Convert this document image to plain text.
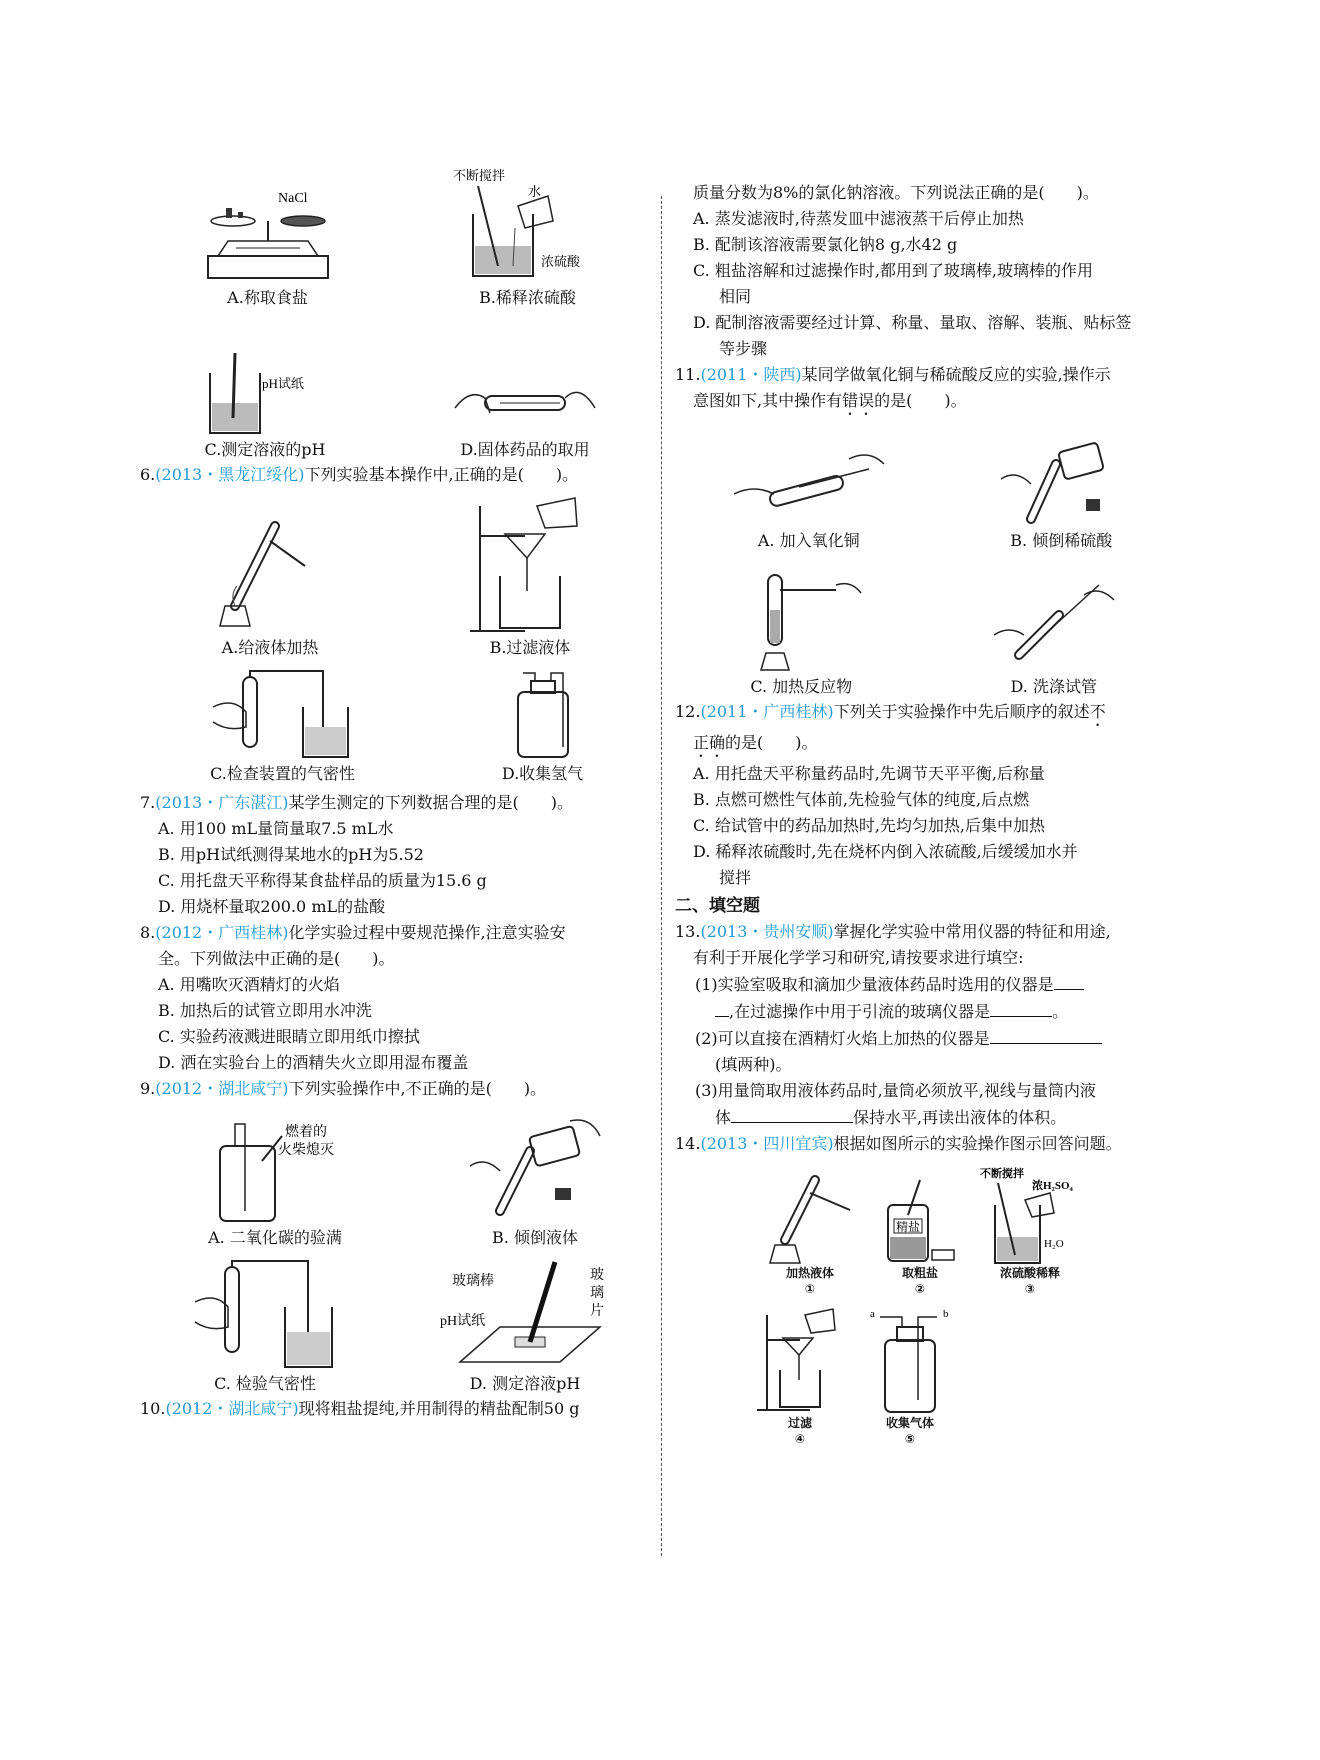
NaCl
A.称取食盐
不断搅拌
水
浓硫酸
B.稀释浓硫酸
pH试纸
C.测定溶液的pH	D.固体药品的取用
6.(2013・黑龙江绥化)下列实验基本操作中,正确的是(　　)。
A.给液体加热	B.过滤液体
C.检查装置的气密性	D.收集氢气
7.(2013・广东湛江)某学生测定的下列数据合理的是(　　)。
A. 用100 mL量筒量取7.5 mL水
B. 用pH试纸测得某地水的pH为5.52
C. 用托盘天平称得某食盐样品的质量为15.6 g
D. 用烧杯量取200.0 mL的盐酸
8.(2012・广西桂林)化学实验过程中要规范操作,注意实验安
全。下列做法中正确的是(　　)。
A. 用嘴吹灭酒精灯的火焰
B. 加热后的试管立即用水冲洗
C. 实验药液溅进眼睛立即用纸巾擦拭
D. 洒在实验台上的酒精失火立即用湿布覆盖
9.(2012・湖北咸宁)下列实验操作中,不正确的是(　　)。
燃着的
火柴熄灭
A. 二氧化碳的验满	B. 倾倒液体
C. 检验气密性
玻璃棒	玻
璃
片
pH试纸
D. 测定溶液pH
10.(2012・湖北咸宁)现将粗盐提纯,并用制得的精盐配制50 g
质量分数为8%的氯化钠溶液。下列说法正确的是(　　)。
A. 蒸发滤液时,待蒸发皿中滤液蒸干后停止加热
B. 配制该溶液需要氯化钠8 g,水42 g
C. 粗盐溶解和过滤操作时,都用到了玻璃棒,玻璃棒的作用
相同
D. 配制溶液需要经过计算、称量、量取、溶解、装瓶、贴标签
等步骤
11.(2011・陕西)某同学做氧化铜与稀硫酸反应的实验,操作示
意图如下,其中操作有错误的是(　　)。
A. 加入氧化铜	B. 倾倒稀硫酸
C. 加热反应物	D. 洗涤试管
12.(2011・广西桂林)下列关于实验操作中先后顺序的叙述不
正确的是(　　)。
A. 用托盘天平称量药品时,先调节天平平衡,后称量
B. 点燃可燃性气体前,先检验气体的纯度,后点燃
C. 给试管中的药品加热时,先均匀加热,后集中加热
D. 稀释浓硫酸时,先在烧杯内倒入浓硫酸,后缓缓加水并
搅拌
二、填空题
13.(2013・贵州安顺)掌握化学实验中常用仪器的特征和用途,
有利于开展化学学习和研究,请按要求进行填空:
(1)实验室吸取和滴加少量液体药品时选用的仪器是
,在过滤操作中用于引流的玻璃仪器是	。
(2)可以直接在酒精灯火焰上加热的仪器是
(填两种)。
(3)用量筒取用液体药品时,量筒必须放平,视线与量筒内液
体	保持水平,再读出液体的体积。
14.(2013・四川宜宾)根据如图所示的实验操作图示回答问题。
加热液体
①
精盐
取粗盐
②
不断搅拌
浓H₂SO₄
H₂O
浓硫酸稀释
③
过滤
④
a	b
收集气体
⑤
